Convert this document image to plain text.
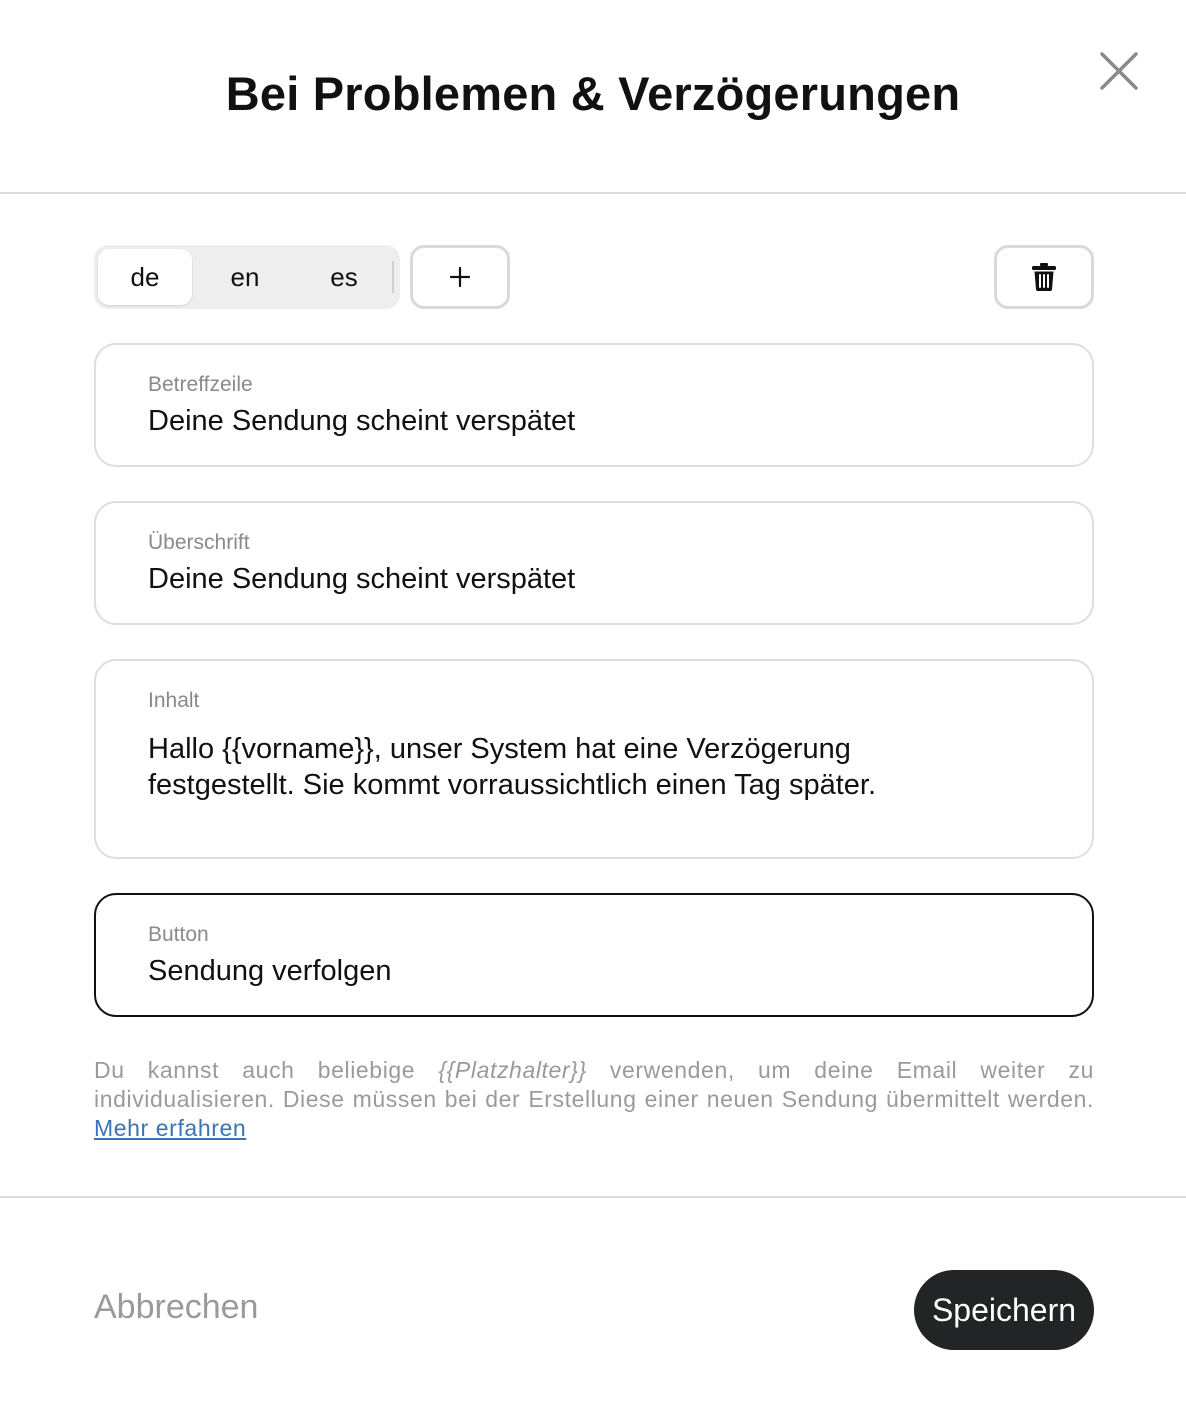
Bei Problemen & Verzögerungen
de	en	es
Betreffzeile
Deine Sendung scheint verspätet
Überschrift
Deine Sendung scheint verspätet
Inhalt
Hallo {{vorname}}, unser System hat eine Verzögerung
festgestellt. Sie kommt vorraussichtlich einen Tag später.
Button
Sendung verfolgen

Du kannst auch beliebige {{Platzhalter}} verwenden, um deine Email weiter zu individualisieren. Diese müssen bei der Erstellung einer neuen Sendung übermittelt werden. Mehr erfahren

Abbrechen	Speichern
